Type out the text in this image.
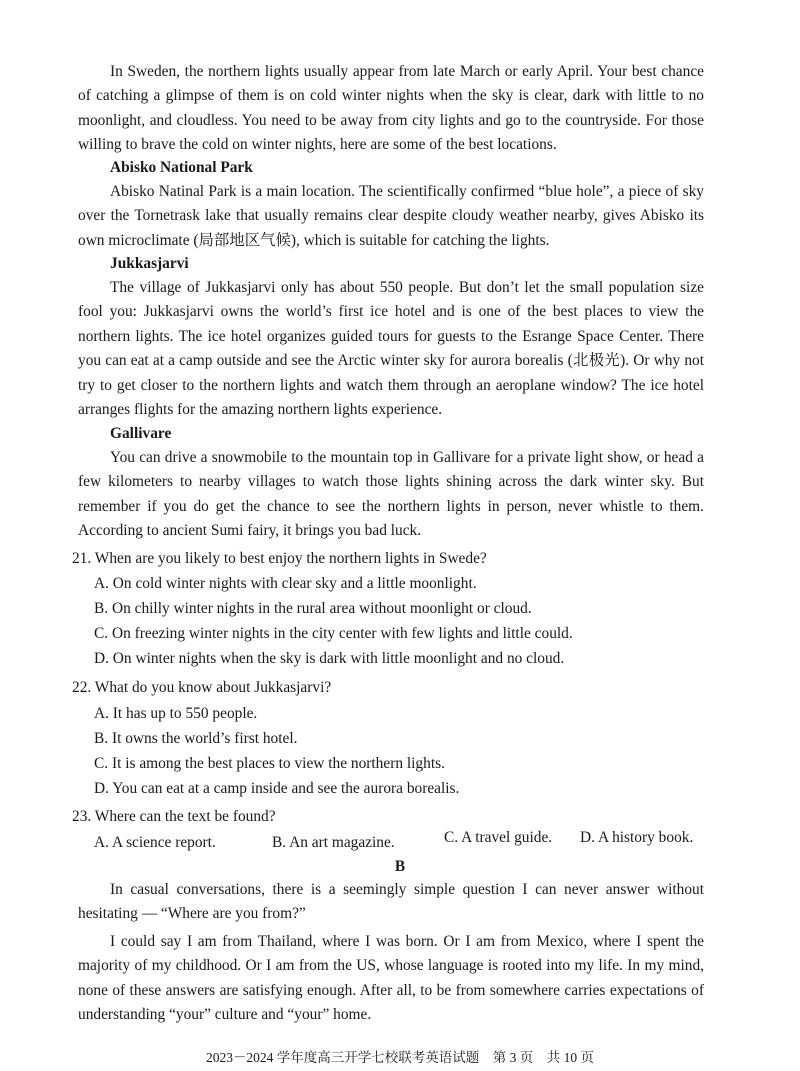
In Sweden, the northern lights usually appear from late March or early April. Your best chance of catching a glimpse of them is on cold winter nights when the sky is clear, dark with little to no moonlight, and cloudless. You need to be away from city lights and go to the countryside. For those willing to brave the cold on winter nights, here are some of the best locations.

Abisko National Park

Abisko Natinal Park is a main location. The scientifically confirmed “blue hole”, a piece of sky over the Tornetrask lake that usually remains clear despite cloudy weather nearby, gives Abisko its own microclimate (局部地区气候), which is suitable for catching the lights.

Jukkasjarvi

The village of Jukkasjarvi only has about 550 people. But don’t let the small population size fool you: Jukkasjarvi owns the world’s first ice hotel and is one of the best places to view the northern lights. The ice hotel organizes guided tours for guests to the Esrange Space Center. There you can eat at a camp outside and see the Arctic winter sky for aurora borealis (北极光). Or why not try to get closer to the northern lights and watch them through an aeroplane window? The ice hotel arranges flights for the amazing northern lights experience.

Gallivare

You can drive a snowmobile to the mountain top in Gallivare for a private light show, or head a few kilometers to nearby villages to watch those lights shining across the dark winter sky. But remember if you do get the chance to see the northern lights in person, never whistle to them. According to ancient Sumi fairy, it brings you bad luck.

21. When are you likely to best enjoy the northern lights in Swede?

A. On cold winter nights with clear sky and a little moonlight.

B. On chilly winter nights in the rural area without moonlight or cloud.

C. On freezing winter nights in the city center with few lights and little could.

D. On winter nights when the sky is dark with little moonlight and no cloud.

22. What do you know about Jukkasjarvi?

A. It has up to 550 people.

B. It owns the world’s first hotel.

C. It is among the best places to view the northern lights.

D. You can eat at a camp inside and see the aurora borealis.

23. Where can the text be found?

A. A science report.	B. An art magazine.	C. A travel guide. D. A history book.
B

In casual conversations, there is a seemingly simple question I can never answer without hesitating — “Where are you from?”

I could say I am from Thailand, where I was born. Or I am from Mexico, where I spent the majority of my childhood. Or I am from the US, whose language is rooted into my life. In my mind, none of these answers are satisfying enough. After all, to be from somewhere carries expectations of understanding “your” culture and “your” home.

2023－2024 学年度高三开学七校联考英语试题　第 3 页　共 10 页
